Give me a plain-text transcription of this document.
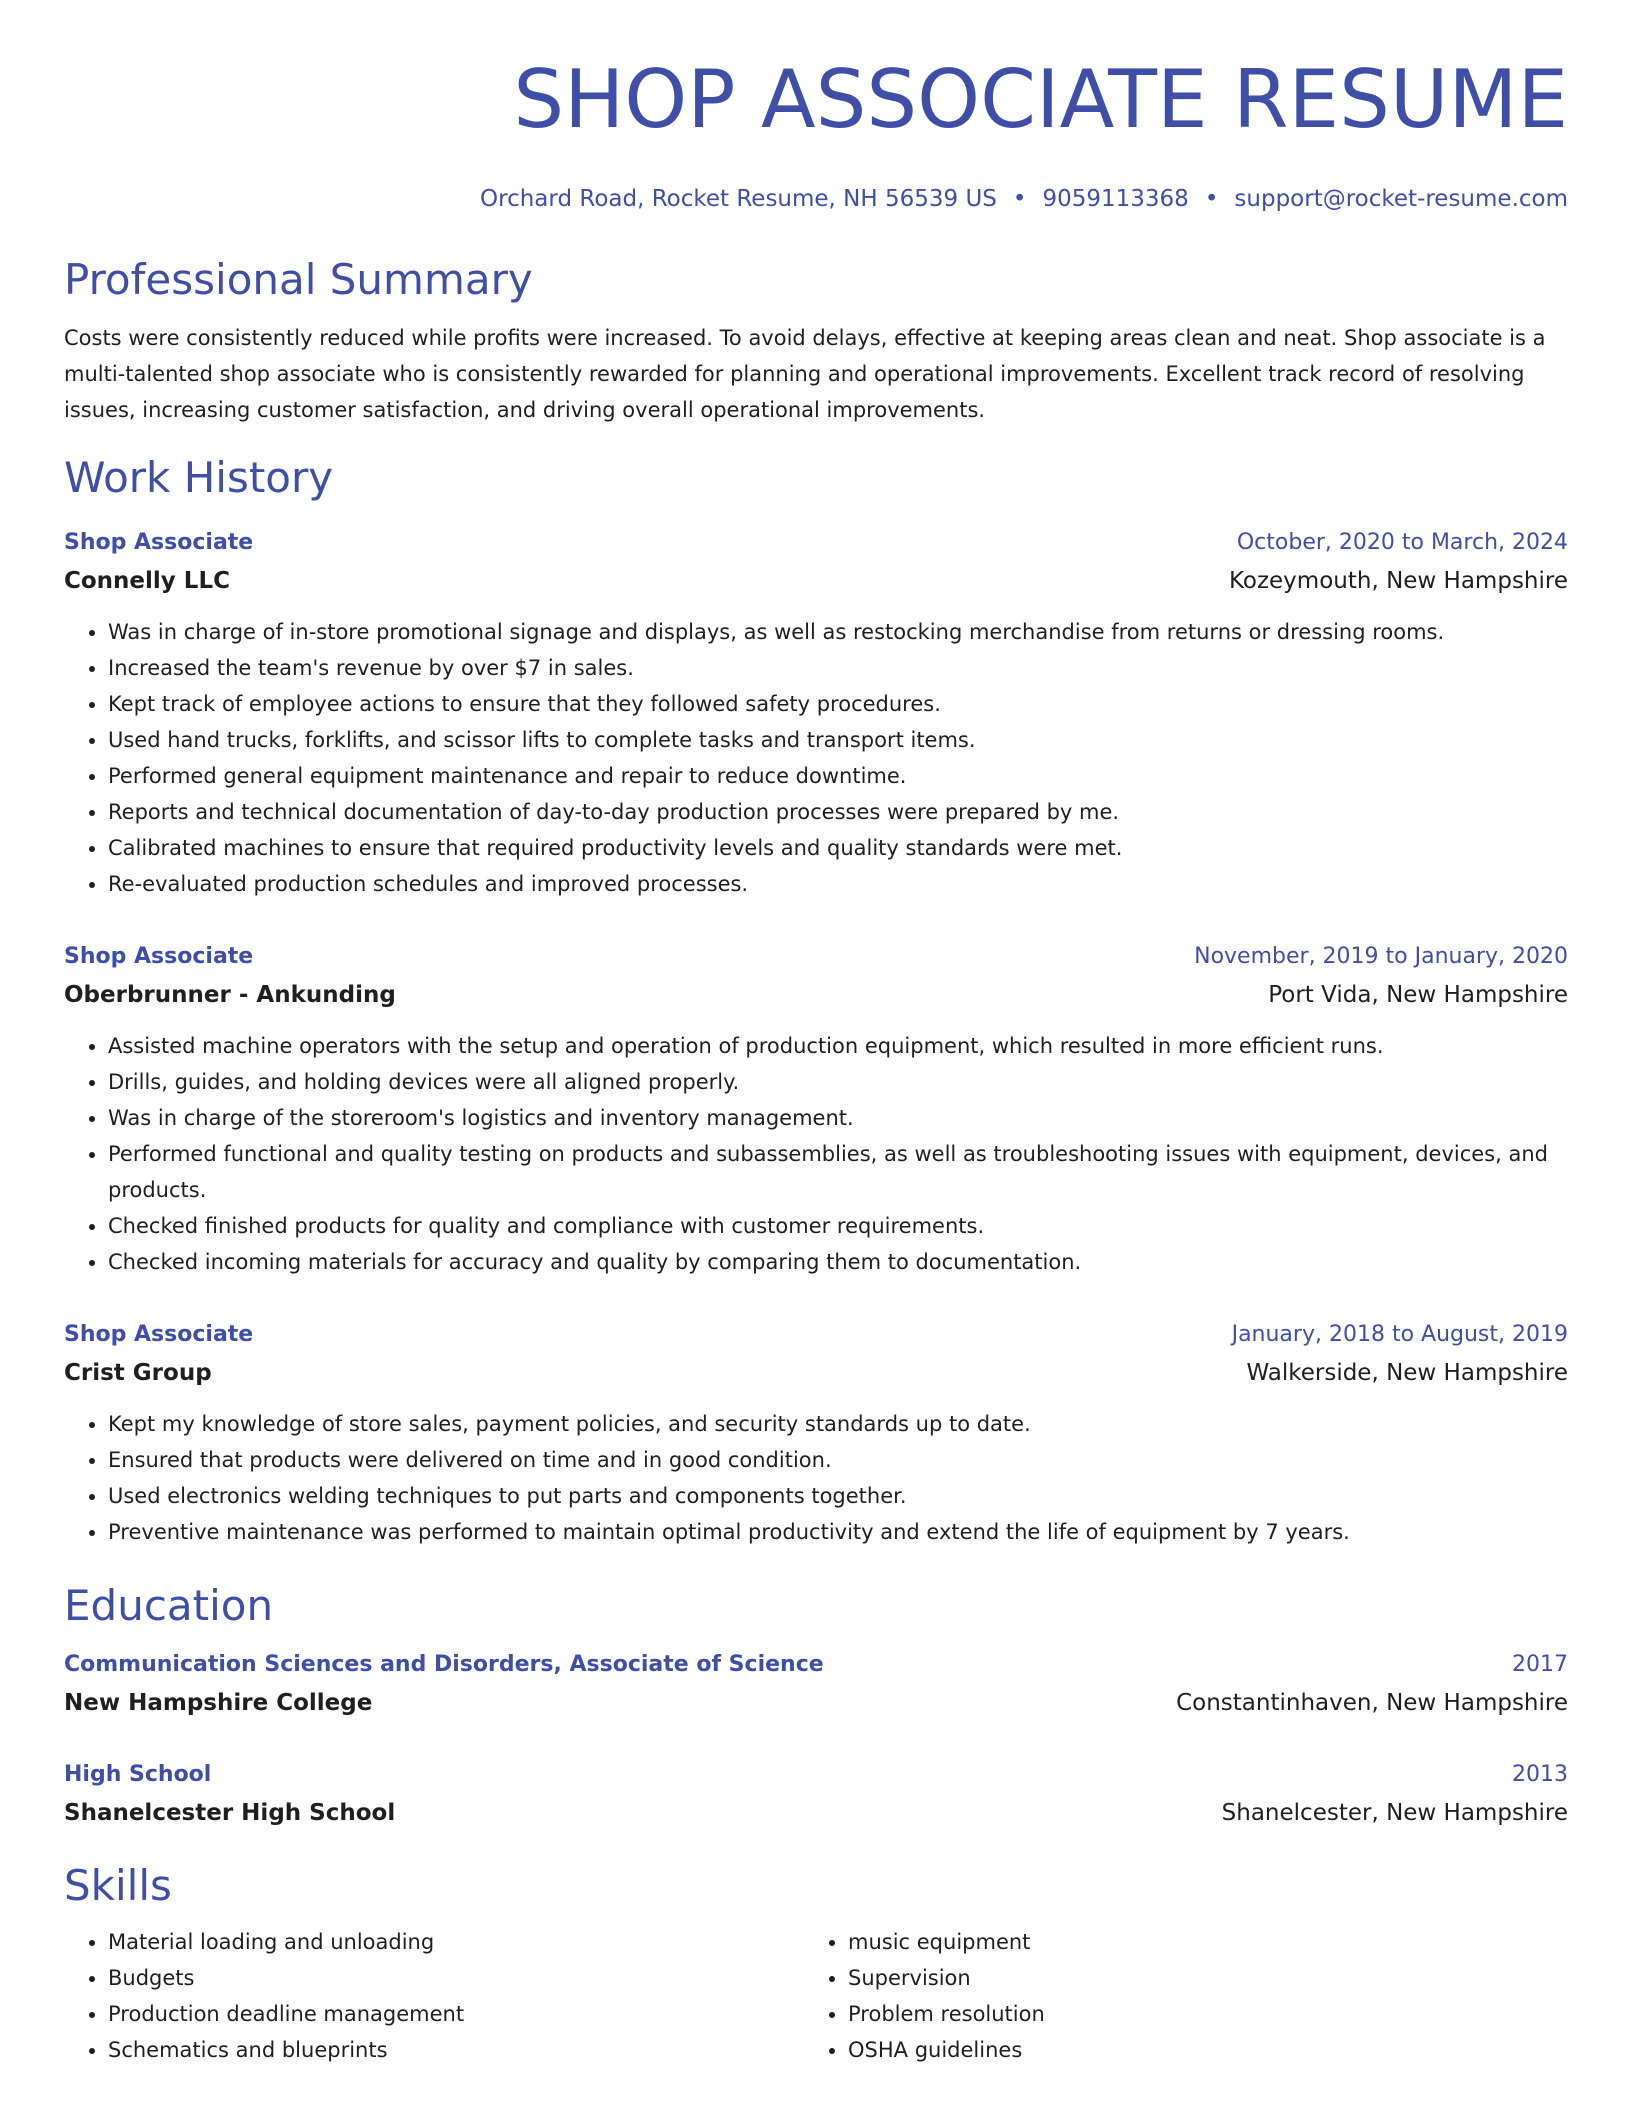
SHOP ASSOCIATE RESUME
Orchard Road, Rocket Resume, NH 56539 US • 9059113368 • support@rocket-resume.com
Professional Summary
Costs were consistently reduced while profits were increased. To avoid delays, effective at keeping areas clean and neat. Shop associate is a multi-talented shop associate who is consistently rewarded for planning and operational improvements. Excellent track record of resolving issues, increasing customer satisfaction, and driving overall operational improvements.
Work History
Shop Associate	October, 2020 to March, 2024
Connelly LLC	Kozeymouth, New Hampshire
• Was in charge of in-store promotional signage and displays, as well as restocking merchandise from returns or dressing rooms.
• Increased the team's revenue by over $7 in sales.
• Kept track of employee actions to ensure that they followed safety procedures.
• Used hand trucks, forklifts, and scissor lifts to complete tasks and transport items.
• Performed general equipment maintenance and repair to reduce downtime.
• Reports and technical documentation of day-to-day production processes were prepared by me.
• Calibrated machines to ensure that required productivity levels and quality standards were met.
• Re-evaluated production schedules and improved processes.
Shop Associate	November, 2019 to January, 2020
Oberbrunner - Ankunding	Port Vida, New Hampshire
• Assisted machine operators with the setup and operation of production equipment, which resulted in more efficient runs.
• Drills, guides, and holding devices were all aligned properly.
• Was in charge of the storeroom's logistics and inventory management.
• Performed functional and quality testing on products and subassemblies, as well as troubleshooting issues with equipment, devices, and products.
• Checked finished products for quality and compliance with customer requirements.
• Checked incoming materials for accuracy and quality by comparing them to documentation.
Shop Associate	January, 2018 to August, 2019
Crist Group	Walkerside, New Hampshire
• Kept my knowledge of store sales, payment policies, and security standards up to date.
• Ensured that products were delivered on time and in good condition.
• Used electronics welding techniques to put parts and components together.
• Preventive maintenance was performed to maintain optimal productivity and extend the life of equipment by 7 years.
Education
Communication Sciences and Disorders, Associate of Science	2017
New Hampshire College	Constantinhaven, New Hampshire
High School	2013
Shanelcester High School	Shanelcester, New Hampshire
Skills
• Material loading and unloading
• Budgets
• Production deadline management
• Schematics and blueprints
• music equipment
• Supervision
• Problem resolution
• OSHA guidelines
